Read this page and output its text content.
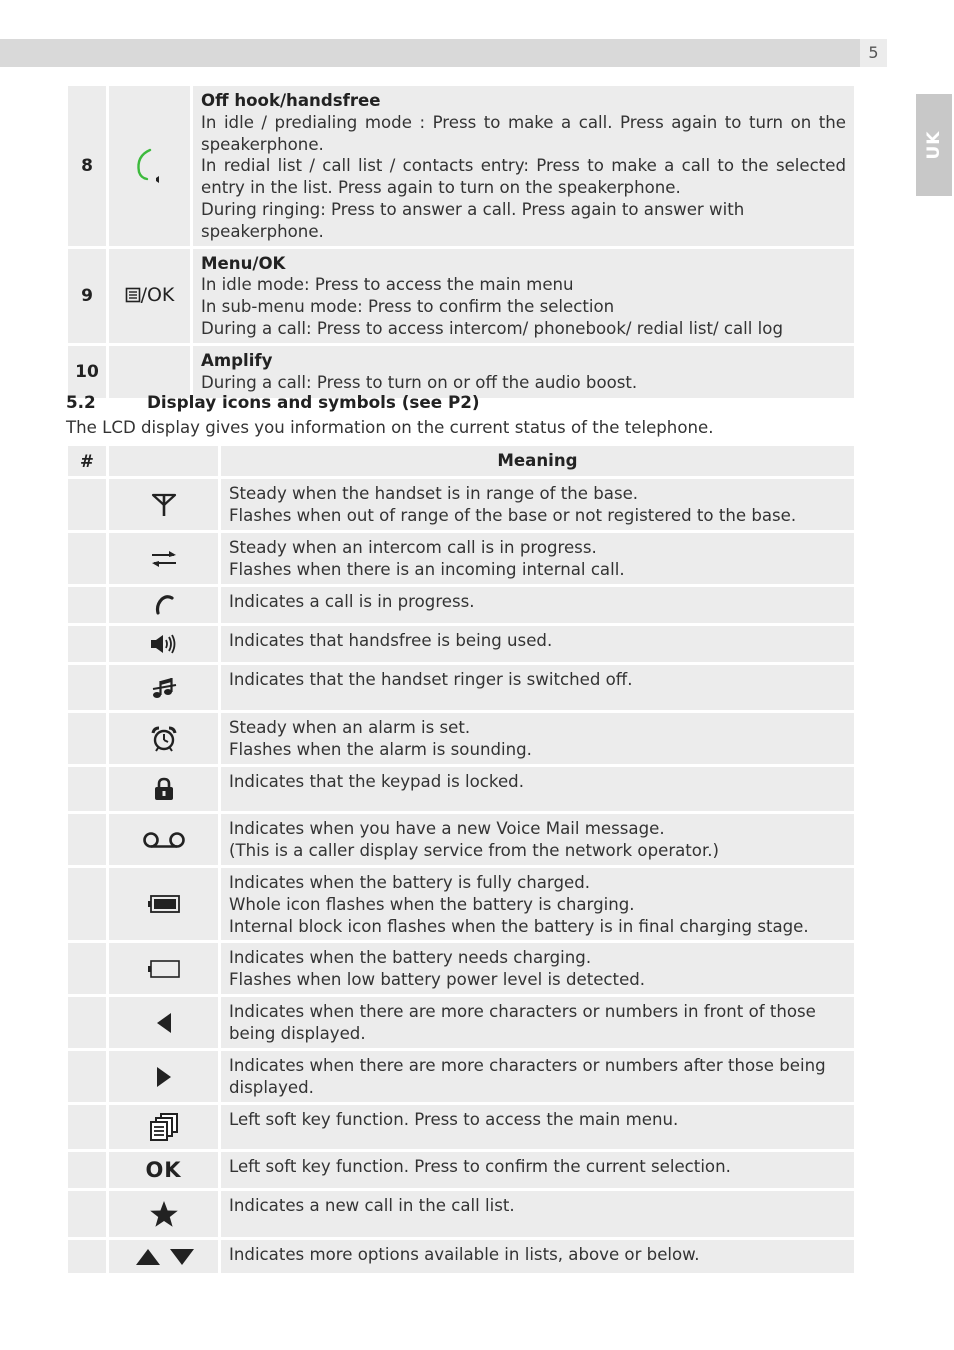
5
UK
8		Off hook/handsfree
In idle / predialing mode : Press to make a call. Press again to turn on the speakerphone.
In redial list / call list / contacts entry: Press to make a call to the selected entry in the list. Press again to turn on the speakerphone.
During ringing: Press to answer a call. Press again to answer with speakerphone.

9	/OK	Menu/OK
In idle mode: Press to access the main menu
In sub-menu mode: Press to confirm the selection
During a call: Press to access intercom/ phonebook/ redial list/ call log

10		Amplify
During a call: Press to turn on or off the audio boost.
5.2	Display icons and symbols (see P2)
The LCD display gives you information on the current status of the telephone.
#		Meaning

Steady when the handset is in range of the base.
Flashes when out of range of the base or not registered to the base.

Steady when an intercom call is in progress.
Flashes when there is an incoming internal call.

Indicates a call is in progress.

Indicates that handsfree is being used.

Indicates that the handset ringer is switched off.

Steady when an alarm is set.
Flashes when the alarm is sounding.

Indicates that the keypad is locked.

Indicates when you have a new Voice Mail message.
(This is a caller display service from the network operator.)

Indicates when the battery is fully charged.
Whole icon flashes when the battery is charging.
Internal block icon flashes when the battery is in final charging stage.

Indicates when the battery needs charging.
Flashes when low battery power level is detected.

Indicates when there are more characters or numbers in front of those
being displayed.

Indicates when there are more characters or numbers after those being
displayed.

Left soft key function. Press to access the main menu.

	OK	Left soft key function. Press to confirm the current selection.

Indicates a new call in the call list.

Indicates more options available in lists, above or below.
